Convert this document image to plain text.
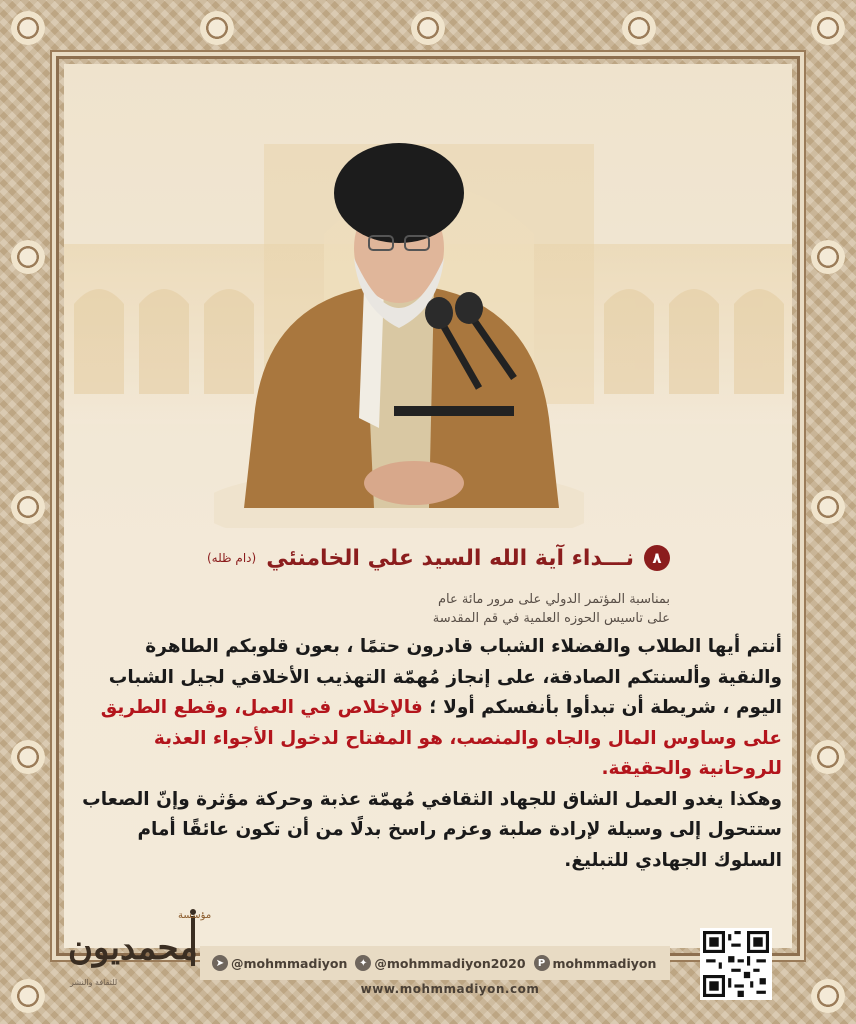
٨
نـــداء آية الله السيد علي الخامنئي
(دام ظله)
بمناسبة المؤتمر الدولي على مرور مائة عام
على تاسيس الحوزه العلمية في قم المقدسة

أنتم أيها الطلاب والفضلاء الشباب قادرون حتمًا ، بعون قلوبكم الطاهرة والنقية وألسنتكم الصادقة، على إنجاز مُهمّة التهذيب الأخلاقي لجيل الشباب اليوم ، شريطة أن تبدأوا بأنفسكم أولا ؛ فالإخلاص في العمل، وقطع الطريق على وساوس المال والجاه والمنصب، هو المفتاح لدخول الأجواء العذبة للروحانية والحقيقة.

وهكذا يغدو العمل الشاق للجهاد الثقافي مُهمّة عذبة وحركة مؤثرة وإنّ الصعاب ستتحول إلى وسيلة لإرادة صلبة وعزم راسخ بدلًا من أن تكون عائقًا أمام السلوك الجهادي للتبليغ.

مؤسسة
محمديون
للثقافة والنشر
➤ @mohmmadiyon	✦ @mohmmadiyon2020	P mohmmadiyon
www.mohmmadiyon.com
